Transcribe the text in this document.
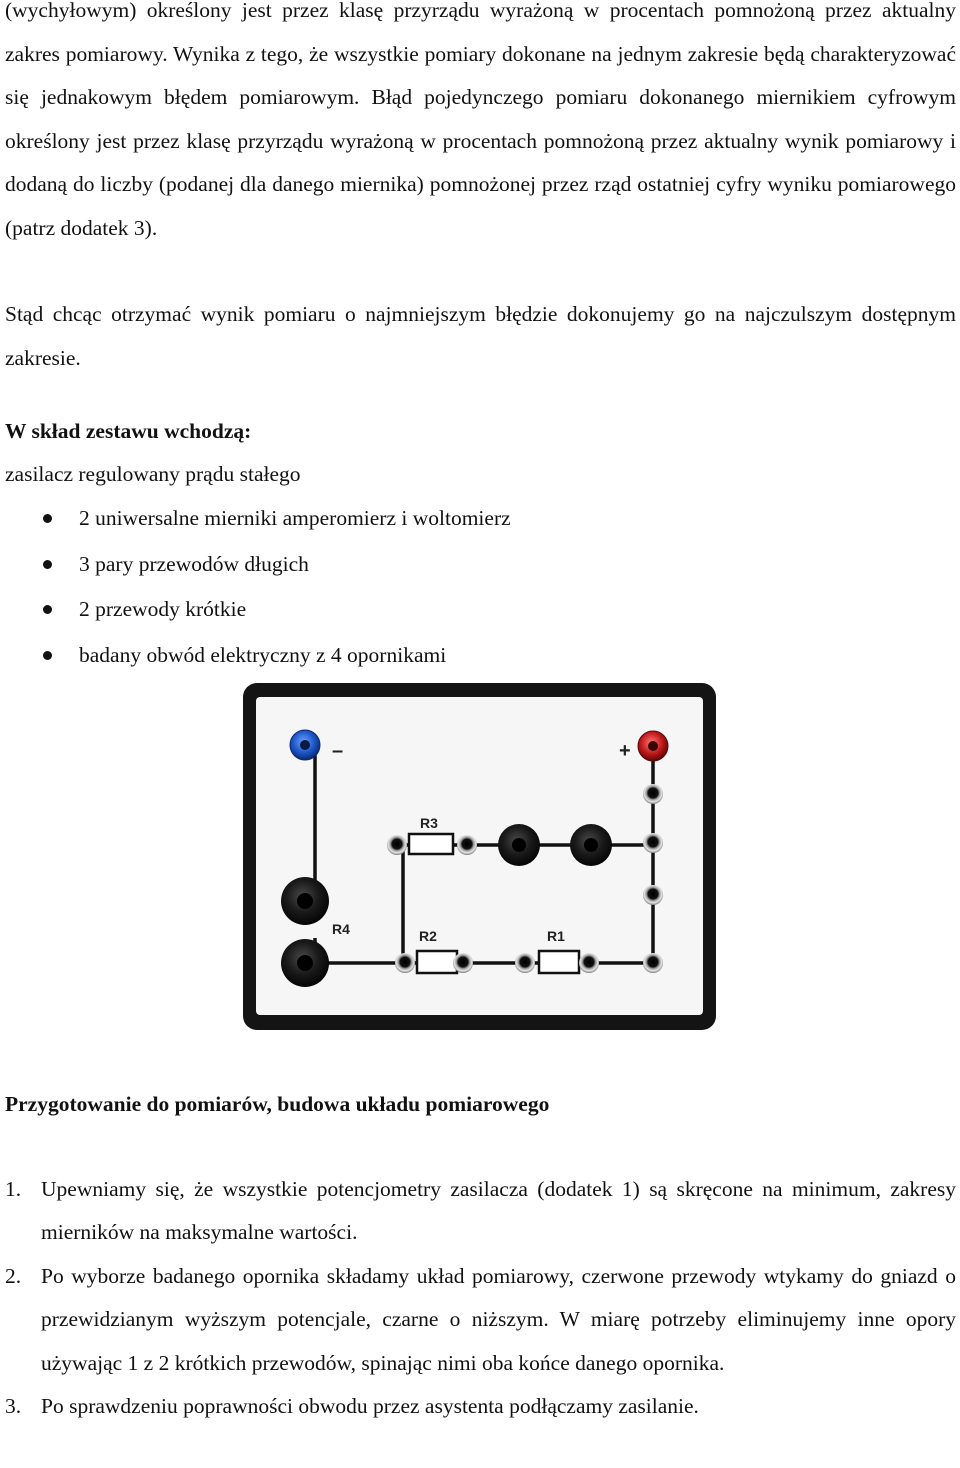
(wychyłowym) określony jest przez klasę przyrządu wyrażoną w procentach pomnożoną przez aktualny zakres pomiarowy. Wynika z tego, że wszystkie pomiary dokonane na jednym zakresie będą charakteryzować się jednakowym błędem pomiarowym. Błąd pojedynczego pomiaru dokonanego miernikiem cyfrowym określony jest przez klasę przyrządu wyrażoną w procentach pomnożoną przez aktualny wynik pomiarowy i dodaną do liczby (podanej dla danego miernika) pomnożonej przez rząd ostatniej cyfry wyniku pomiarowego (patrz dodatek 3).

Stąd chcąc otrzymać wynik pomiaru o najmniejszym błędzie dokonujemy go na najczulszym dostępnym zakresie.

W skład zestawu wchodzą:

zasilacz regulowany prądu stałego

2 uniwersalne mierniki amperomierz i woltomierz
3 pary przewodów długich
2 przewody krótkie
badany obwód elektryczny z 4 opornikami

Przygotowanie do pomiarów, budowa układu pomiarowego

1. Upewniamy się, że wszystkie potencjometry zasilacza (dodatek 1) są skręcone na minimum, zakresy mierników na maksymalne wartości.
2. Po wyborze badanego opornika składamy układ pomiarowy, czerwone przewody wtykamy do gniazd o przewidzianym wyższym potencjale, czarne o niższym. W miarę potrzeby eliminujemy inne opory używając 1 z 2 krótkich przewodów, spinając nimi oba końce danego opornika.
3. Po sprawdzeniu poprawności obwodu przez asystenta podłączamy zasilanie.
R3
R2	R1
R4
–	+
